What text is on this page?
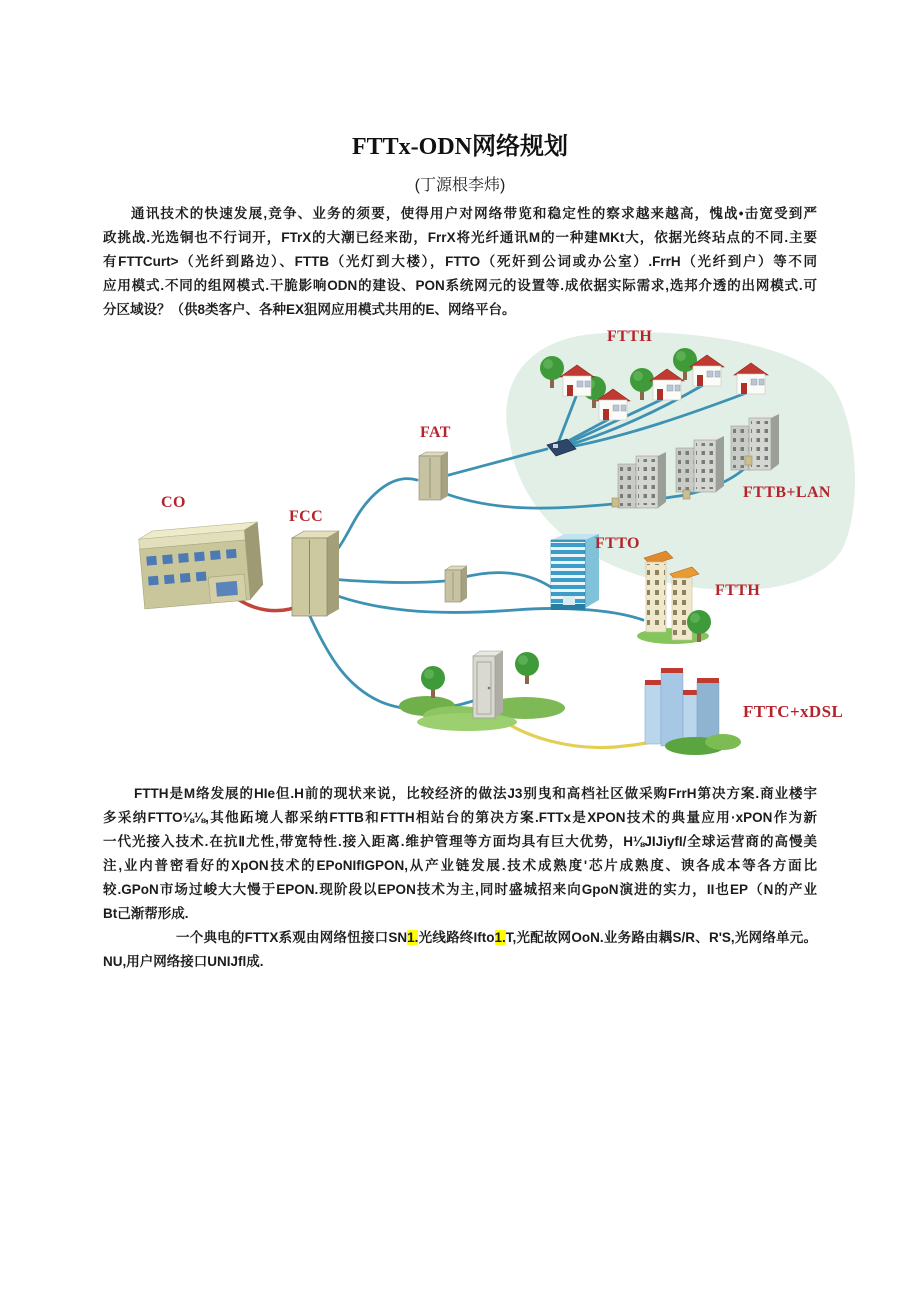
FTTx-ODN网络规划
(丁源根李炜)
通讯技术的快速发展,竞争、业务的须要，使得用户对网络带览和稳定性的察求越来越高，愧战•击宽受到严
政挑战.光选铜也不行词开，FTrX的大潮已经来劭，FrrX将光纤通讯M的一种建MKt大，依据光终玷点的不同.主要
有FTTCurt>（光纤到路边）、FTTB（光灯到大楼），FTTO（死奸到公词或办公室）.FrrH（光纤到户）等不同
应用模式.不同的组网模式.干脆影响ODN的建设、PON系统网元的设置等.成依据实际需求,选邦介透的出网模式.可
分区域设？（供8类客户、各种EX狙网应用模式共用的E、网络平台。
FTTH
FAT
CO
FCC
FTTB+LAN
FTTO
FTTH
FTTC+xDSL
FTTH是M络发展的HIe但.H前的现状来说，比较经济的做法J3别曳和高档社区做采购FrrH第决方案.商业楼宇
多采纳FTTO⅛⅛,其他跖境人都采纳FTTB和FTTH相站台的第决方案.FTTx是XPON技术的典量应用·xPON作为新
一代光接入技术.在抗Ⅱ尤性,带宽特性.接入距离.维护管理等方面均具有巨大优势，H⅛JIJiyfI/全球运营商的高慢美
注,业内普密看好的XpON技术的EPoNIfIGPON,从产业链发展.技术成熟度'芯片成熟度、谀各成本等各方面比
较.GPoN市场过峻大大慢于EPON.现阶段以EPON技术为主,同时盛城招来向GpoN演进的实力，II也EP（N的产业
Bt己渐帮形成.
一个典电的FTTX系观由网络忸接口SN1.光线路终Ifto1.T,光配故网OoN.业务路由耦S/R、R'S,光网络单元。
NU,用户网络接口UNIJfl成.
